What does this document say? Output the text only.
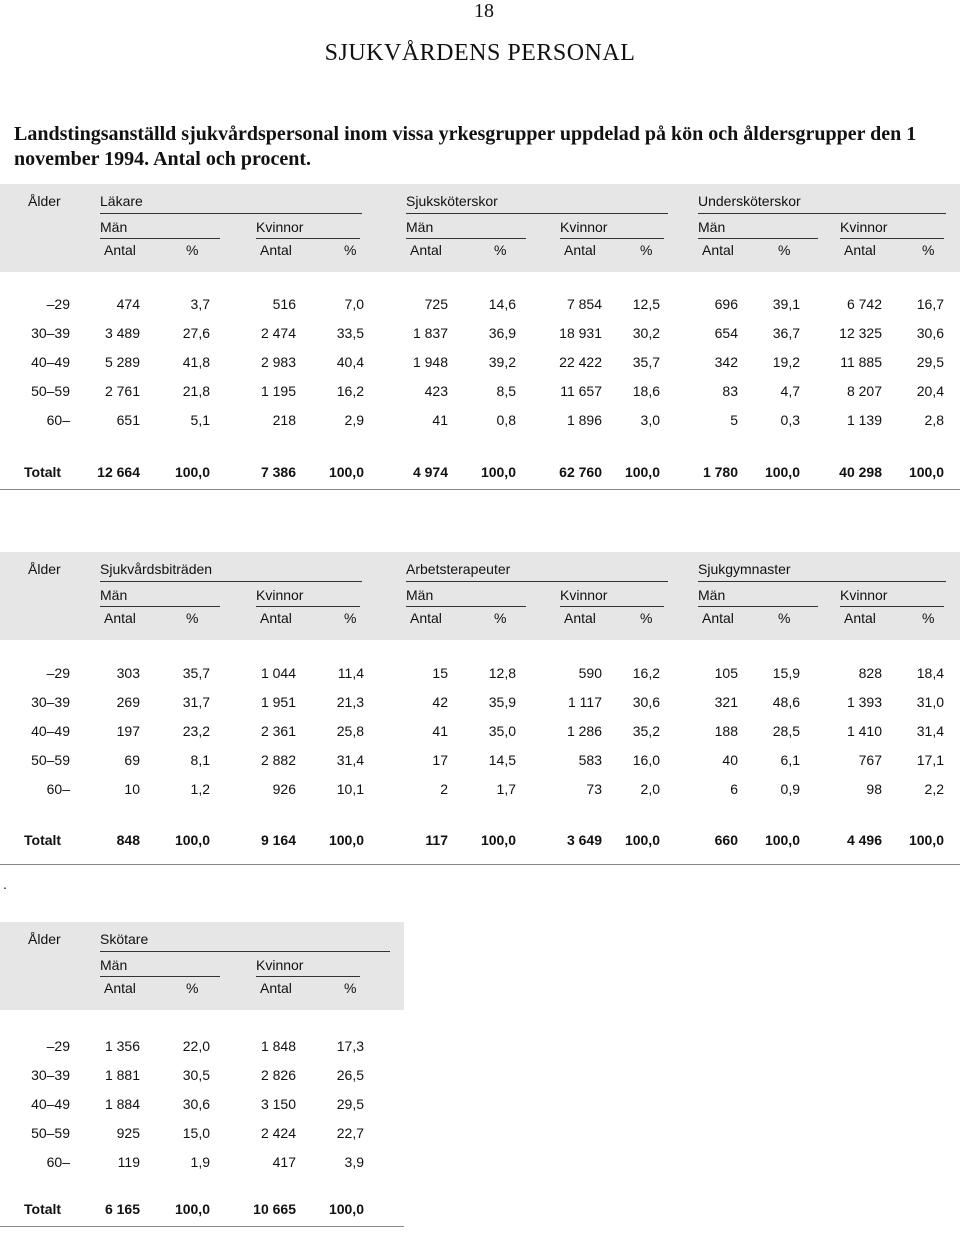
18
SJUKVÅRDENS PERSONAL
Landstingsanställd sjukvårdspersonal inom vissa yrkesgrupper uppdelad på kön och åldersgrupper den 1 november 1994. Antal och procent.
Ålder	Läkare
Män
Antal	%
Kvinnor
Antal	%
Sjuksköterskor
Män
Antal	%
Kvinnor
Antal	%
Undersköterskor
Män
Antal	%
Kvinnor
Antal	%
–29	474	3,7	516	7,0	725	14,6	7 854	12,5	696	39,1	6 742	16,7
30–39	3 489	27,6	2 474	33,5	1 837	36,9	18 931	30,2	654	36,7	12 325	30,6
40–49	5 289	41,8	2 983	40,4	1 948	39,2	22 422	35,7	342	19,2	11 885	29,5
50–59	2 761	21,8	1 195	16,2	423	8,5	11 657	18,6	83	4,7	8 207	20,4
60–	651	5,1	218	2,9	41	0,8	1 896	3,0	5	0,3	1 139	2,8
Totalt	12 664	100,0	7 386	100,0	4 974	100,0	62 760	100,0	1 780	100,0	40 298	100,0
Ålder	Sjukvårdsbiträden
Män
Antal	%
Kvinnor
Antal	%
Arbetsterapeuter
Män
Antal	%
Kvinnor
Antal	%
Sjukgymnaster
Män
Antal	%
Kvinnor
Antal	%
–29	303	35,7	1 044	11,4	15	12,8	590	16,2	105	15,9	828	18,4
30–39	269	31,7	1 951	21,3	42	35,9	1 117	30,6	321	48,6	1 393	31,0
40–49	197	23,2	2 361	25,8	41	35,0	1 286	35,2	188	28,5	1 410	31,4
50–59	69	8,1	2 882	31,4	17	14,5	583	16,0	40	6,1	767	17,1
60–	10	1,2	926	10,1	2	1,7	73	2,0	6	0,9	98	2,2
Totalt	848	100,0	9 164	100,0	117	100,0	3 649	100,0	660	100,0	4 496	100,0
.
Ålder	Skötare
Män
Antal	%
Kvinnor
Antal	%
–29	1 356	22,0	1 848	17,3
30–39	1 881	30,5	2 826	26,5
40–49	1 884	30,6	3 150	29,5
50–59	925	15,0	2 424	22,7
60–	119	1,9	417	3,9
Totalt	6 165	100,0	10 665	100,0
